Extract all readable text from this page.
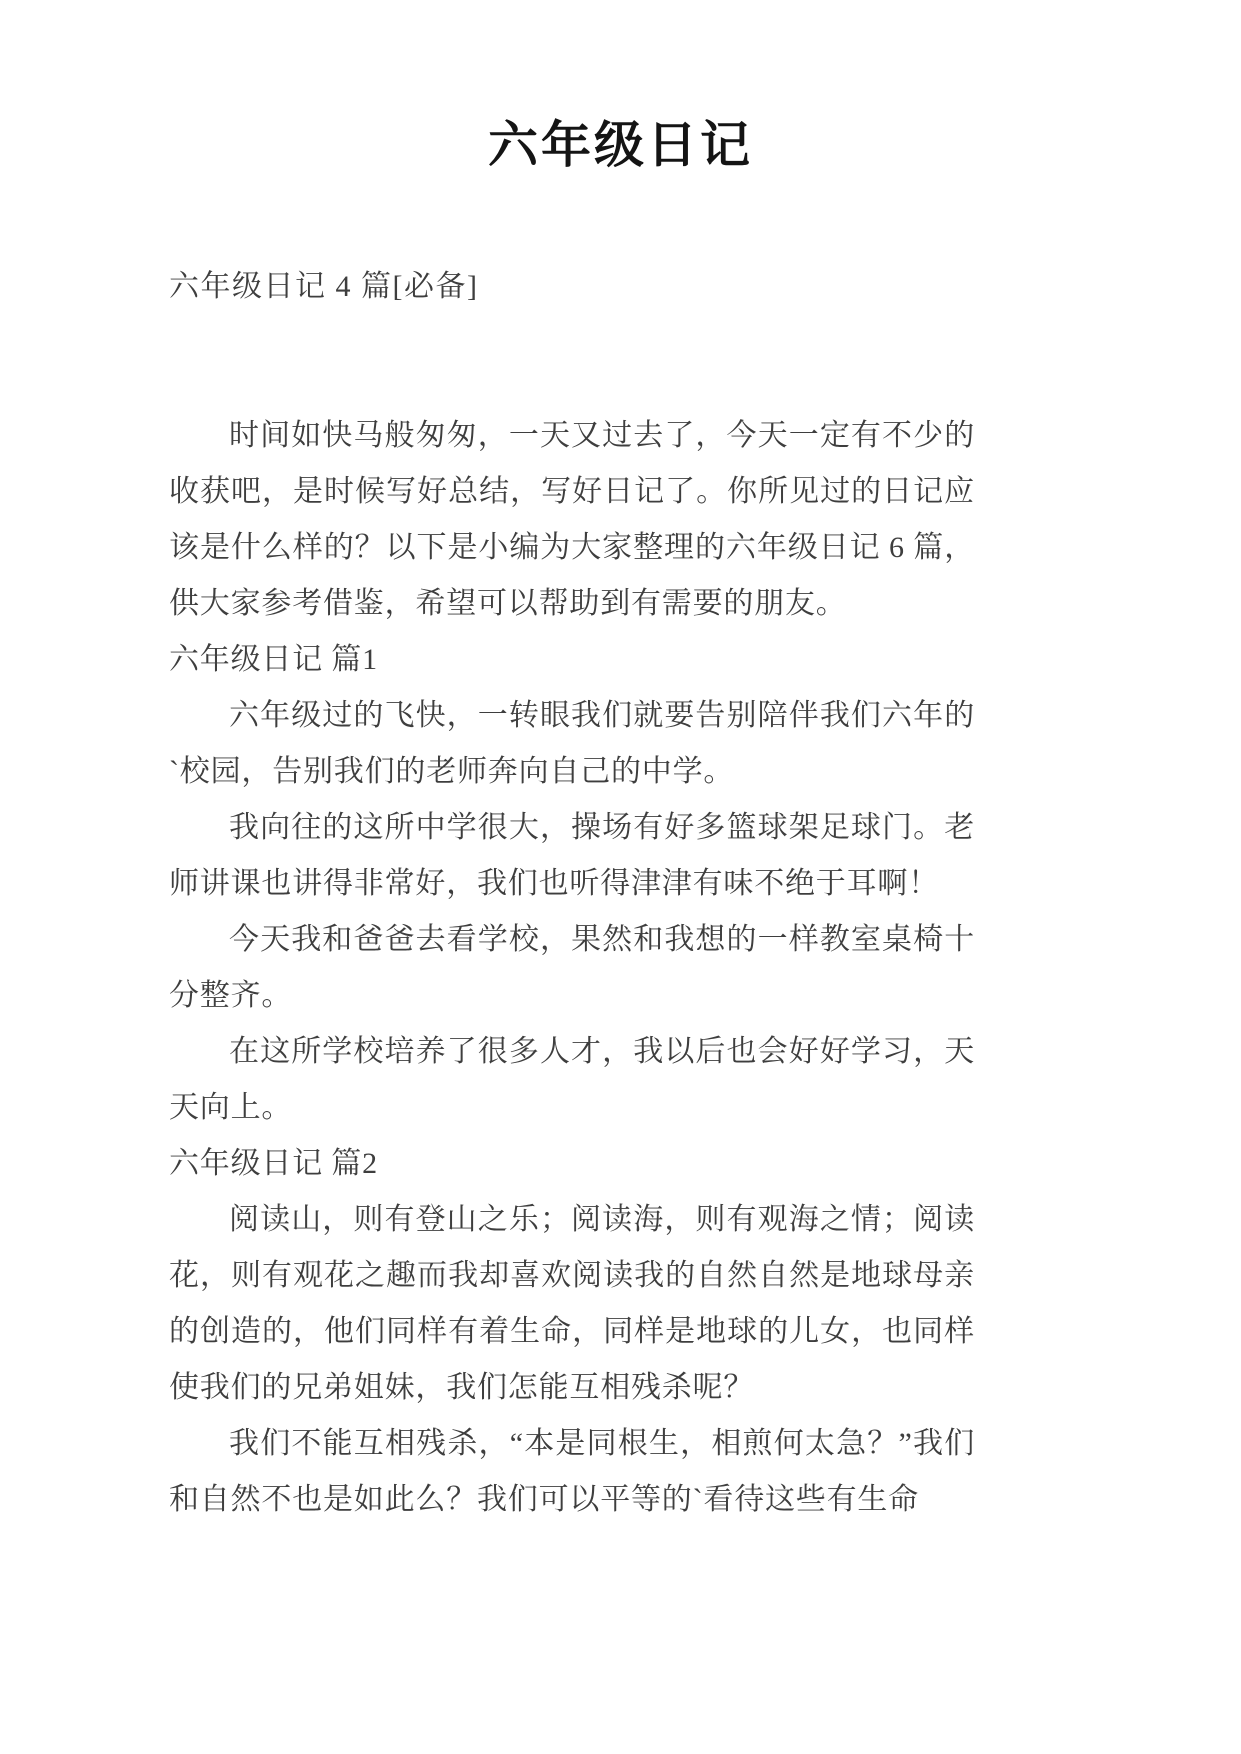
六年级日记

六年级日记 4 篇[必备]

时间如快马般匆匆，一天又过去了，今天一定有不少的收获吧，是时候写好总结，写好日记了。你所见过的日记应该是什么样的？以下是小编为大家整理的六年级日记 6 篇，供大家参考借鉴，希望可以帮助到有需要的朋友。

六年级日记 篇1

六年级过的飞快，一转眼我们就要告别陪伴我们六年的`校园，告别我们的老师奔向自己的中学。

我向往的这所中学很大，操场有好多篮球架足球门。老师讲课也讲得非常好，我们也听得津津有味不绝于耳啊！

今天我和爸爸去看学校，果然和我想的一样教室桌椅十分整齐。

在这所学校培养了很多人才，我以后也会好好学习，天天向上。

六年级日记 篇2

阅读山，则有登山之乐；阅读海，则有观海之情；阅读花，则有观花之趣而我却喜欢阅读我的自然自然是地球母亲的创造的，他们同样有着生命，同样是地球的儿女，也同样使我们的兄弟姐妹，我们怎能互相残杀呢？

我们不能互相残杀，“本是同根生，相煎何太急？”我们和自然不也是如此么？我们可以平等的`看待这些有生命
